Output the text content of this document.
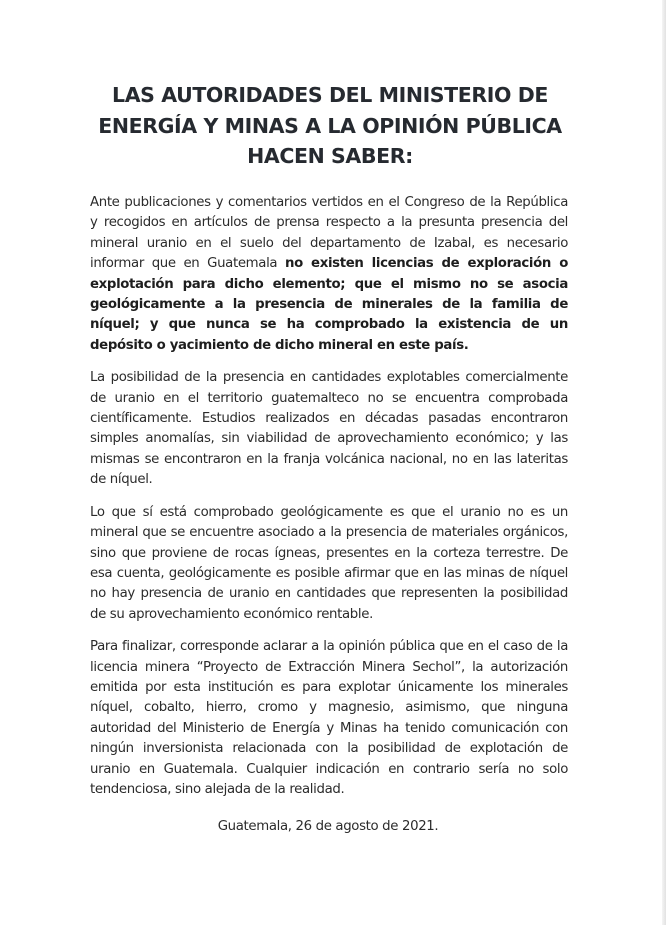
LAS AUTORIDADES DEL MINISTERIO DE
ENERGÍA Y MINAS A LA OPINIÓN PÚBLICA
HACEN SABER:

Ante publicaciones y comentarios vertidos en el Congreso de la República y recogidos en artículos de prensa respecto a la presunta presencia del mineral uranio en el suelo del departamento de Izabal, es necesario informar que en Guatemala no existen licencias de exploración o explotación para dicho elemento; que el mismo no se asocia geológicamente a la presencia de minerales de la familia de níquel; y que nunca se ha comprobado la existencia de un depósito o yacimiento de dicho mineral en este país.

La posibilidad de la presencia en cantidades explotables comercialmente de uranio en el territorio guatemalteco no se encuentra comprobada científicamente. Estudios realizados en décadas pasadas encontraron simples anomalías, sin viabilidad de aprovechamiento económico; y las mismas se encontraron en la franja volcánica nacional, no en las lateritas de níquel.

Lo que sí está comprobado geológicamente es que el uranio no es un mineral que se encuentre asociado a la presencia de materiales orgánicos, sino que proviene de rocas ígneas, presentes en la corteza terrestre. De esa cuenta, geológicamente es posible afirmar que en las minas de níquel no hay presencia de uranio en cantidades que representen la posibilidad de su aprovechamiento económico rentable.

Para finalizar, corresponde aclarar a la opinión pública que en el caso de la licencia minera “Proyecto de Extracción Minera Sechol”, la autorización emitida por esta institución es para explotar únicamente los minerales níquel, cobalto, hierro, cromo y magnesio, asimismo, que ninguna autoridad del Ministerio de Energía y Minas ha tenido comunicación con ningún inversionista relacionada con la posibilidad de explotación de uranio en Guatemala. Cualquier indicación en contrario sería no solo tendenciosa, sino alejada de la realidad.

Guatemala, 26 de agosto de 2021.
